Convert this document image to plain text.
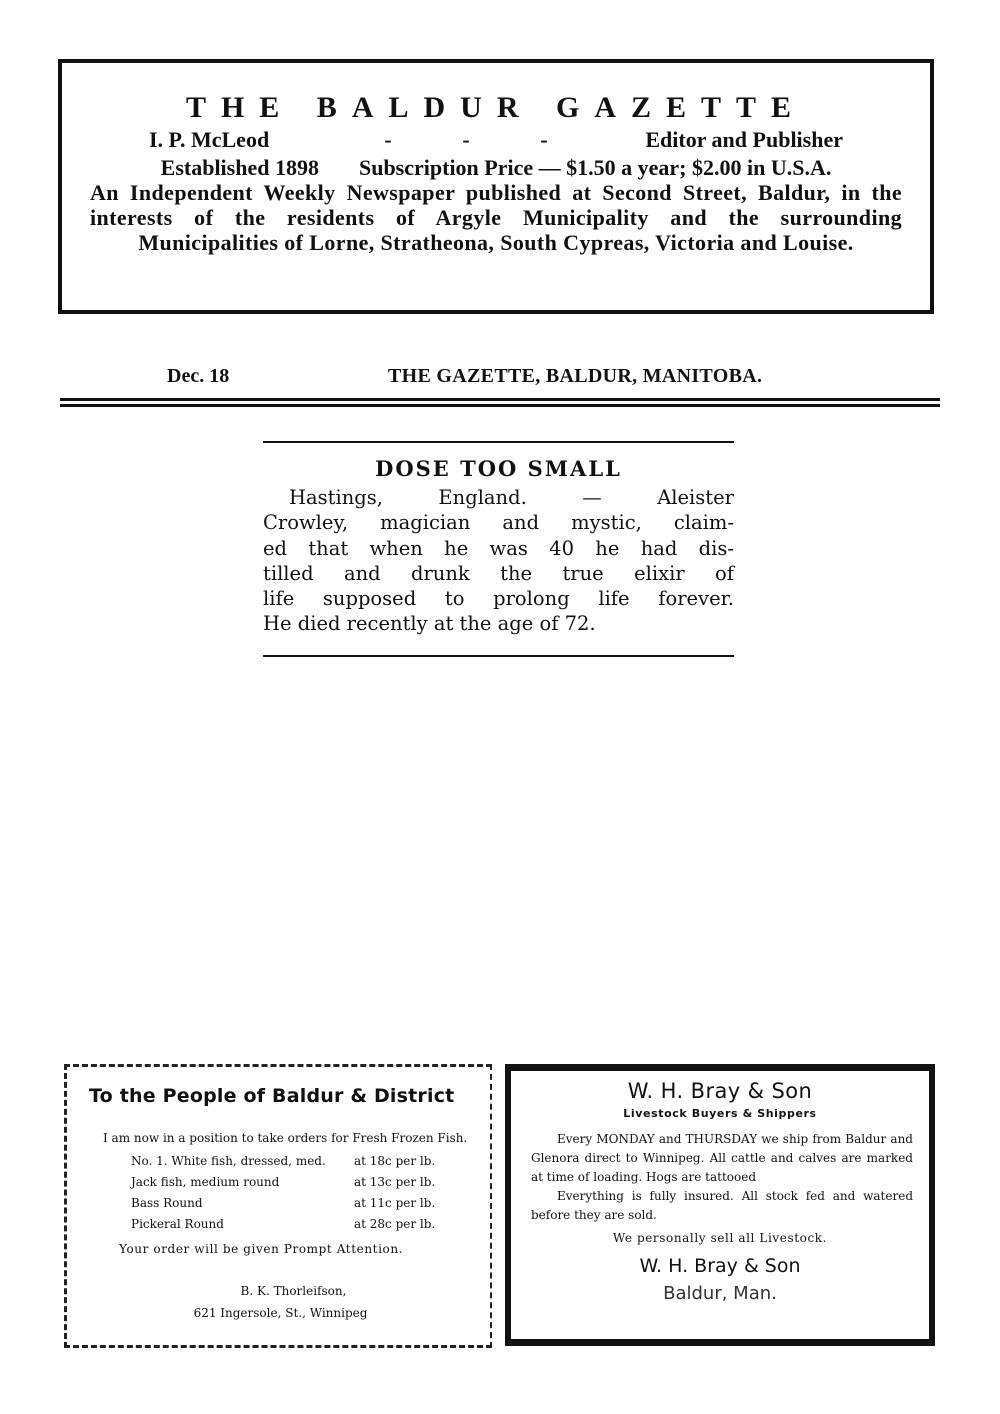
THE BALDUR GAZETTE
I. P. McLeod	-	-	-	Editor and Publisher
Established 1898 Subscription Price — $1.50 a year; $2.00 in U.S.A.
An Independent Weekly Newspaper published at Second Street, Baldur, in the interests of the residents of Argyle Municipality and the surrounding Municipalities of Lorne, Stratheona, South Cypreas, Victoria and Louise.
Dec. 18	THE GAZETTE, BALDUR, MANITOBA.
DOSE TOO SMALL
Hastings, England. — Aleister
Crowley, magician and mystic, claim-
ed that when he was 40 he had dis-
tilled and drunk the true elixir of
life supposed to prolong life forever.
He died recently at the age of 72.
To the People of Baldur & District
I am now in a position to take orders for Fresh Frozen Fish.
No. 1. White fish, dressed, med. at 18c per lb.
Jack fish, medium round	at 13c per lb.
Bass Round	at 11c per lb.
Pickeral Round	at 28c per lb.
Your order will be given Prompt Attention.
B. K. Thorleifson,
621 Ingersole, St., Winnipeg
W. H. Bray & Son
Livestock Buyers & Shippers
Every MONDAY and THURSDAY we ship from Baldur and Glenora direct to Winnipeg. All cattle and calves are marked at time of loading. Hogs are tattooed
Everything is fully insured. All stock fed and watered before they are sold.
We personally sell all Livestock.
W. H. Bray & Son
Baldur, Man.
